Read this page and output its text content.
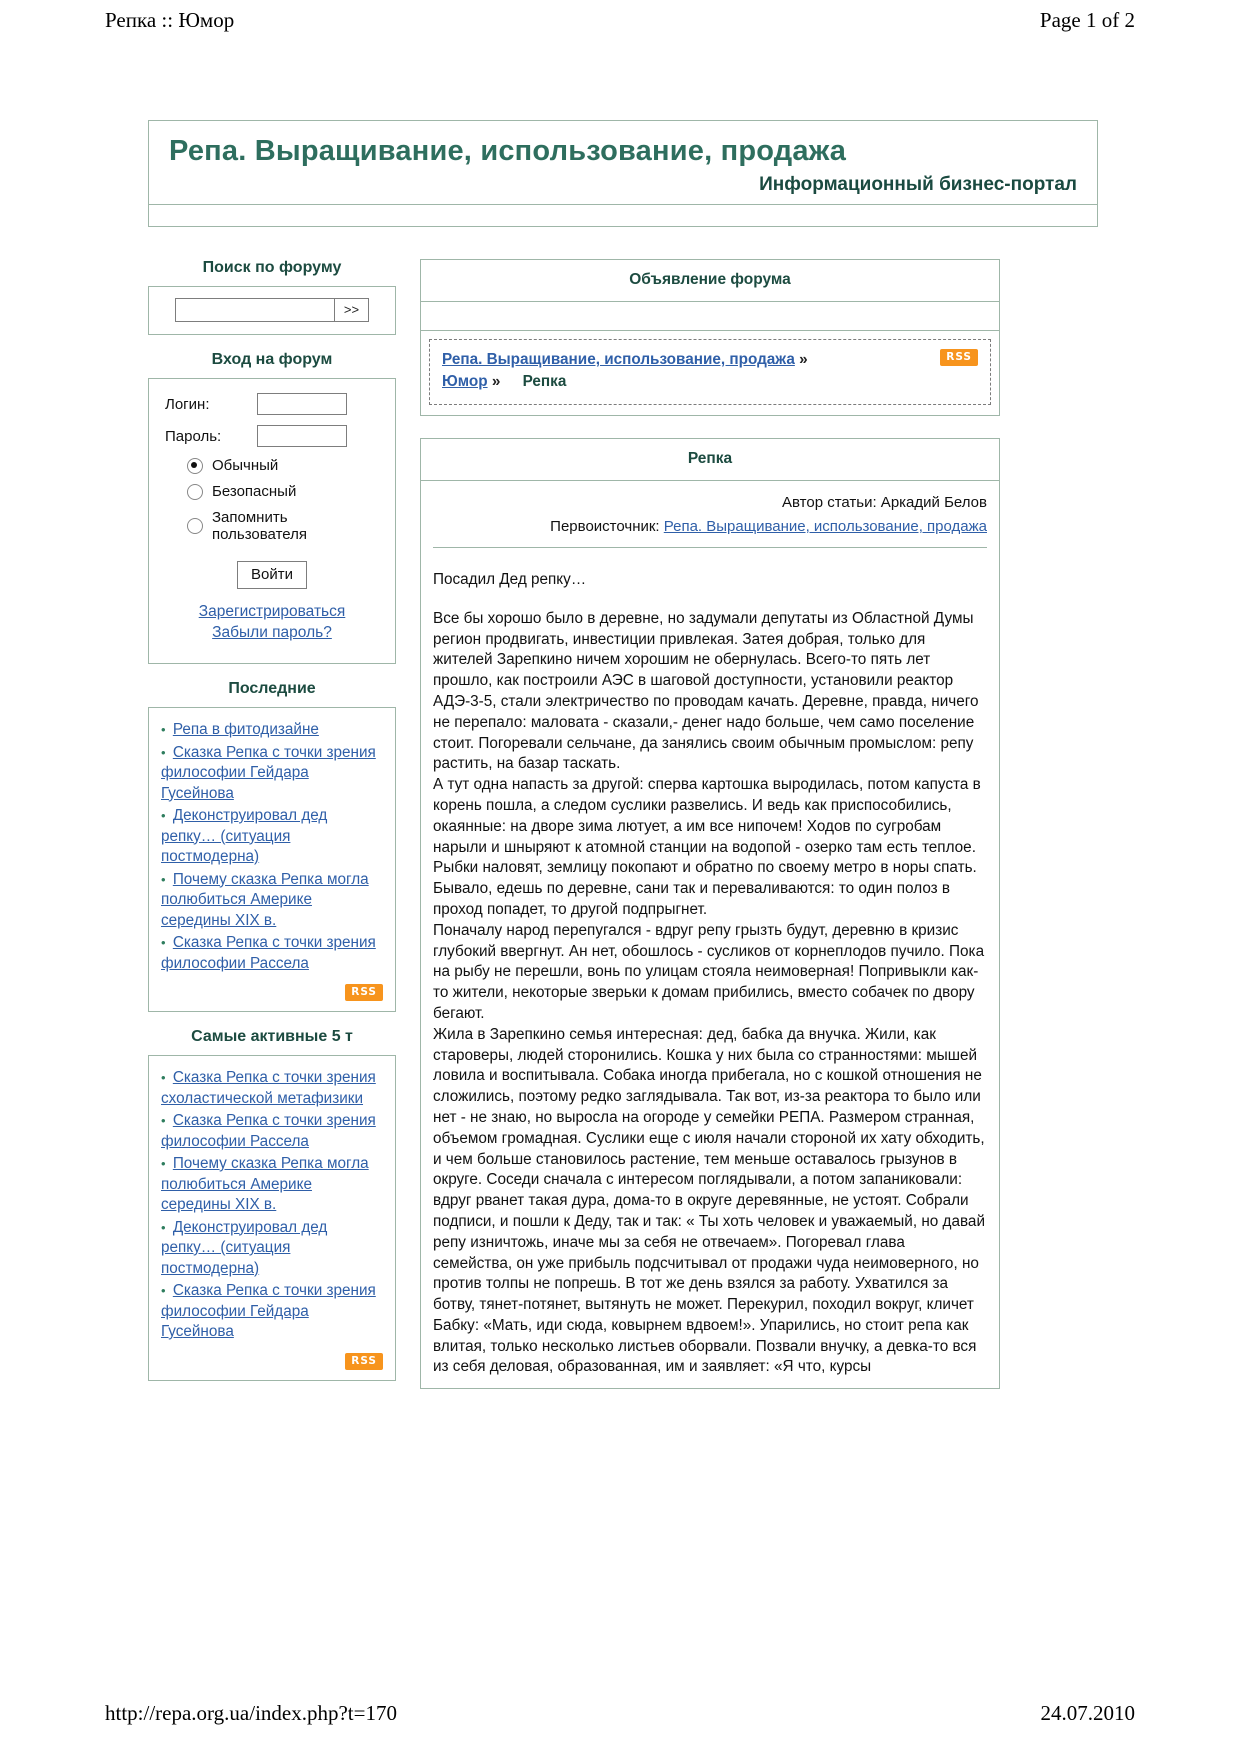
Репка :: Юмор	Page 1 of 2
Репа. Выращивание, использование, продажа
Информационный бизнес-портал
Поиск по форуму
>>
Вход на форум
Логин:
Пароль:
Обычный
Безопасный
Запомнить пользователя
Войти
Зарегистрироваться
Забыли пароль?
Последние
• Репа в фитодизайне
• Сказка Репка с точки зрения философии Гейдара Гусейнова
• Деконструировал дед репку… (ситуация постмодерна)
• Почему сказка Репка могла полюбиться Америке середины XIX в.
• Сказка Репка с точки зрения философии Рассела
RSS
Самые активные 5 т
• Сказка Репка с точки зрения схоластической метафизики
• Сказка Репка с точки зрения философии Рассела
• Почему сказка Репка могла полюбиться Америке середины XIX в.
• Деконструировал дед репку… (ситуация постмодерна)
• Сказка Репка с точки зрения философии Гейдара Гусейнова
RSS
Объявление форума
Репа. Выращивание, использование, продажа »
Юмор » Репка
RSS
Репка
Автор статьи: Аркадий Белов
Первоисточник: Репа. Выращивание, использование, продажа

Посадил Дед репку…

Все бы хорошо было в деревне, но задумали депутаты из Областной Думы регион продвигать, инвестиции привлекая. Затея добрая, только для жителей Зарепкино ничем хорошим не обернулась. Всего-то пять лет прошло, как построили АЭС в шаговой доступности, установили реактор АДЭ-3-5, стали электричество по проводам качать. Деревне, правда, ничего не перепало: маловата - сказали,- денег надо больше, чем само поселение стоит. Погоревали сельчане, да занялись своим обычным промыслом: репу растить, на базар таскать.

А тут одна напасть за другой: сперва картошка выродилась, потом капуста в корень пошла, а следом суслики развелись. И ведь как приспособились, окаянные: на дворе зима лютует, а им все нипочем! Ходов по сугробам нарыли и шныряют к атомной станции на водопой - озерко там есть теплое. Рыбки наловят, землицу покопают и обратно по своему метро в норы спать. Бывало, едешь по деревне, сани так и переваливаются: то один полоз в проход попадет, то другой подпрыгнет.

Поначалу народ перепугался - вдруг репу грызть будут, деревню в кризис глубокий ввергнут. Ан нет, обошлось - сусликов от корнеплодов пучило. Пока на рыбу не перешли, вонь по улицам стояла неимоверная! Попривыкли как-то жители, некоторые зверьки к домам прибились, вместо собачек по двору бегают.

Жила в Зарепкино семья интересная: дед, бабка да внучка. Жили, как староверы, людей сторонились. Кошка у них была со странностями: мышей ловила и воспитывала. Собака иногда прибегала, но с кошкой отношения не сложились, поэтому редко заглядывала. Так вот, из-за реактора то было или нет - не знаю, но выросла на огороде у семейки РЕПА. Размером странная, объемом громадная. Суслики еще с июля начали стороной их хату обходить, и чем больше становилось растение, тем меньше оставалось грызунов в округе. Соседи сначала с интересом поглядывали, а потом запаниковали: вдруг рванет такая дура, дома-то в округе деревянные, не устоят. Собрали подписи, и пошли к Деду, так и так: « Ты хоть человек и уважаемый, но давай репу изничтожь, иначе мы за себя не отвечаем». Погоревал глава семейства, он уже прибыль подсчитывал от продажи чуда неимоверного, но против толпы не попрешь. В тот же день взялся за работу. Ухватился за ботву, тянет-потянет, вытянуть не может. Перекурил, походил вокруг, кличет Бабку: «Мать, иди сюда, ковырнем вдвоем!». Упарились, но стоит репа как влитая, только несколько листьев оборвали. Позвали внучку, а девка-то вся из себя деловая, образованная, им и заявляет: «Я что, курсы

http://repa.org.ua/index.php?t=170	24.07.2010
